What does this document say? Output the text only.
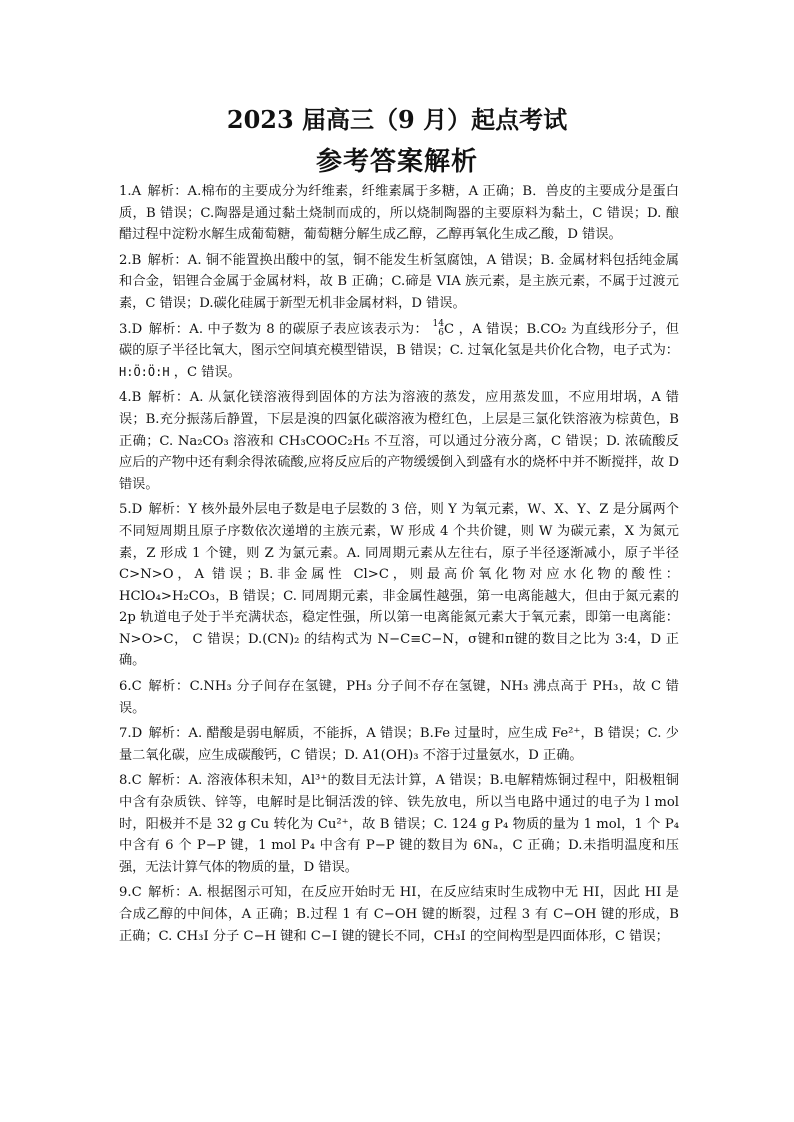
2023 届高三（9 月）起点考试
参考答案解析

1.A 解析：A.棉布的主要成分为纤维素，纤维素属于多糖，A 正确；B．兽皮的主要成分是蛋白质，B 错误；C.陶器是通过黏土烧制而成的，所以烧制陶器的主要原料为黏土，C 错误；D. 酿醋过程中淀粉水解生成葡萄糖，葡萄糖分解生成乙醇，乙醇再氧化生成乙酸，D 错误。

2.B 解析：A. 铜不能置换出酸中的氢，铜不能发生析氢腐蚀，A 错误；B. 金属材料包括纯金属和合金，铝锂合金属于金属材料，故 B 正确；C.碲是 VIA 族元素，是主族元素，不属于过渡元素，C 错误；D.碳化硅属于新型无机非金属材料，D 错误。

3.D 解析：A. 中子数为 8 的碳原子表应该表示为： 14
6 C ，A 错误；B.CO₂ 为直线形分子，但碳的原子半径比氧大，图示空间填充模型错误，B 错误；C. 过氧化氢是共价化合物，电子式为： H:Ö:Ö:H ，C 错误。

4.B 解析：A. 从氯化镁溶液得到固体的方法为溶液的蒸发，应用蒸发皿，不应用坩埚，A 错误；B.充分振荡后静置，下层是溴的四氯化碳溶液为橙红色，上层是三氯化铁溶液为棕黄色，B 正确；C. Na₂CO₃ 溶液和 CH₃COOC₂H₅ 不互溶，可以通过分液分离，C 错误；D. 浓硫酸反应后的产物中还有剩余得浓硫酸,应将反应后的产物缓缓倒入到盛有水的烧杯中并不断搅拌，故 D 错误。

5.D 解析：Y 核外最外层电子数是电子层数的 3 倍，则 Y 为氧元素，W、X、Y、Z 是分属两个不同短周期且原子序数依次递增的主族元素，W 形成 4 个共价键，则 W 为碳元素，X 为氮元素，Z 形成 1 个键，则 Z 为氯元素。A. 同周期元素从左往右，原子半径逐渐减小，原子半径 C>N>O，A 错误；B.非金属性 Cl>C，则最高价氧化物对应水化物的酸性：HClO₄>H₂CO₃，B 错误；C. 同周期元素，非金属性越强，第一电离能越大，但由于氮元素的 2p 轨道电子处于半充满状态，稳定性强，所以第一电离能氮元素大于氧元素，即第一电离能：N>O>C， C 错误；D.(CN)₂ 的结构式为 N−C≡C−N，σ键和π键的数目之比为 3:4，D 正确。

6.C 解析：C.NH₃ 分子间存在氢键，PH₃ 分子间不存在氢键，NH₃ 沸点高于 PH₃，故 C 错误。

7.D 解析：A. 醋酸是弱电解质，不能拆，A 错误；B.Fe 过量时，应生成 Fe²⁺，B 错误；C. 少量二氧化碳，应生成碳酸钙，C 错误；D. A1(OH)₃ 不溶于过量氨水，D 正确。

8.C 解析：A. 溶液体积未知，Al³⁺的数目无法计算，A 错误；B.电解精炼铜过程中，阳极粗铜中含有杂质铁、锌等，电解时是比铜活泼的锌、铁先放电，所以当电路中通过的电子为 l mol 时，阳极并不是 32 g Cu 转化为 Cu²⁺，故 B 错误；C. 124 g P₄ 物质的量为 1 mol，1 个 P₄ 中含有 6 个 P−P 键，1 mol P₄ 中含有 P−P 键的数目为 6Nₐ，C 正确；D.未指明温度和压强，无法计算气体的物质的量，D 错误。

9.C 解析：A. 根据图示可知，在反应开始时无 HI，在反应结束时生成物中无 HI，因此 HI 是合成乙醇的中间体，A 正确；B.过程 1 有 C−OH 键的断裂，过程 3 有 C−OH 键的形成，B 正确；C. CH₃I 分子 C−H 键和 C−I 键的键长不同，CH₃I 的空间构型是四面体形，C 错误；
